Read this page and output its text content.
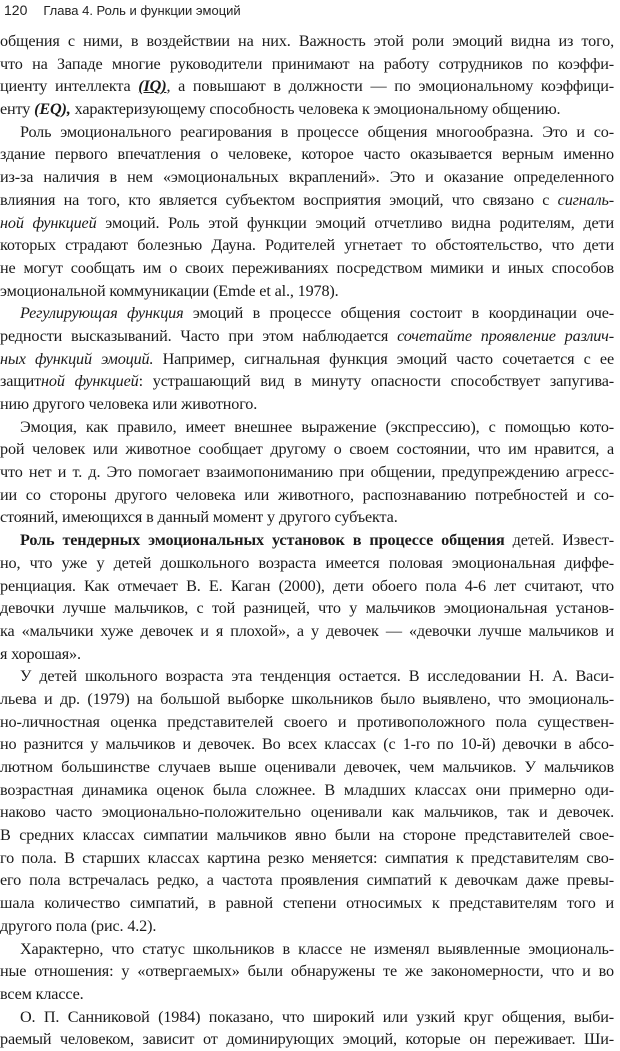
120 Глава 4. Роль и функции эмоций
общения с ними, в воздействии на них. Важность этой роли эмоций видна из того,
что на Западе многие руководители принимают на работу сотрудников по коэффи-
циенту интеллекта (IQ), а повышают в должности — по эмоциональному коэффици-
енту (EQ), характеризующему способность человека к эмоциональному общению.
Роль эмоционального реагирования в процессе общения многообразна. Это и со-
здание первого впечатления о человеке, которое часто оказывается верным именно
из-за наличия в нем «эмоциональных вкраплений». Это и оказание определенного
влияния на того, кто является субъектом восприятия эмоций, что связано с сигналь-
ной функцией эмоций. Роль этой функции эмоций отчетливо видна родителям, дети
которых страдают болезнью Дауна. Родителей угнетает то обстоятельство, что дети
не могут сообщать им о своих переживаниях посредством мимики и иных способов
эмоциональной коммуникации (Emde et al., 1978).
Регулирующая функция эмоций в процессе общения состоит в координации оче-
редности высказываний. Часто при этом наблюдается сочетайте проявление различ-
ных функций эмоций. Например, сигнальная функция эмоций часто сочетается с ее
защитной функцией: устрашающий вид в минуту опасности способствует запугива-
нию другого человека или животного.
Эмоция, как правило, имеет внешнее выражение (экспрессию), с помощью кото-
рой человек или животное сообщает другому о своем состоянии, что им нравится, а
что нет и т. д. Это помогает взаимопониманию при общении, предупреждению агресс-
ии со стороны другого человека или животного, распознаванию потребностей и со-
стояний, имеющихся в данный момент у другого субъекта.
Роль тендерных эмоциональных установок в процессе общения детей. Извест-
но, что уже у детей дошкольного возраста имеется половая эмоциональная диффе-
ренциация. Как отмечает В. Е. Каган (2000), дети обоего пола 4-6 лет считают, что
девочки лучше мальчиков, с той разницей, что у мальчиков эмоциональная установ-
ка «мальчики хуже девочек и я плохой», а у девочек — «девочки лучше мальчиков и
я хорошая».
У детей школьного возраста эта тенденция остается. В исследовании Н. А. Васи-
льева и др. (1979) на большой выборке школьников было выявлено, что эмоциональ-
но-личностная оценка представителей своего и противоположного пола существен-
но разнится у мальчиков и девочек. Во всех классах (с 1-го по 10-й) девочки в абсо-
лютном большинстве случаев выше оценивали девочек, чем мальчиков. У мальчиков
возрастная динамика оценок была сложнее. В младших классах они примерно оди-
наково часто эмоционально-положительно оценивали как мальчиков, так и девочек.
В средних классах симпатии мальчиков явно были на стороне представителей свое-
го пола. В старших классах картина резко меняется: симпатия к представителям сво-
его пола встречалась редко, а частота проявления симпатий к девочкам даже превы-
шала количество симпатий, в равной степени относимых к представителям того и
другого пола (рис. 4.2).
Характерно, что статус школьников в классе не изменял выявленные эмоциональ-
ные отношения: у «отвергаемых» были обнаружены те же закономерности, что и во
всем классе.
О. П. Санниковой (1984) показано, что широкий или узкий круг общения, выби-
раемый человеком, зависит от доминирующих эмоций, которые он переживает. Ши-
